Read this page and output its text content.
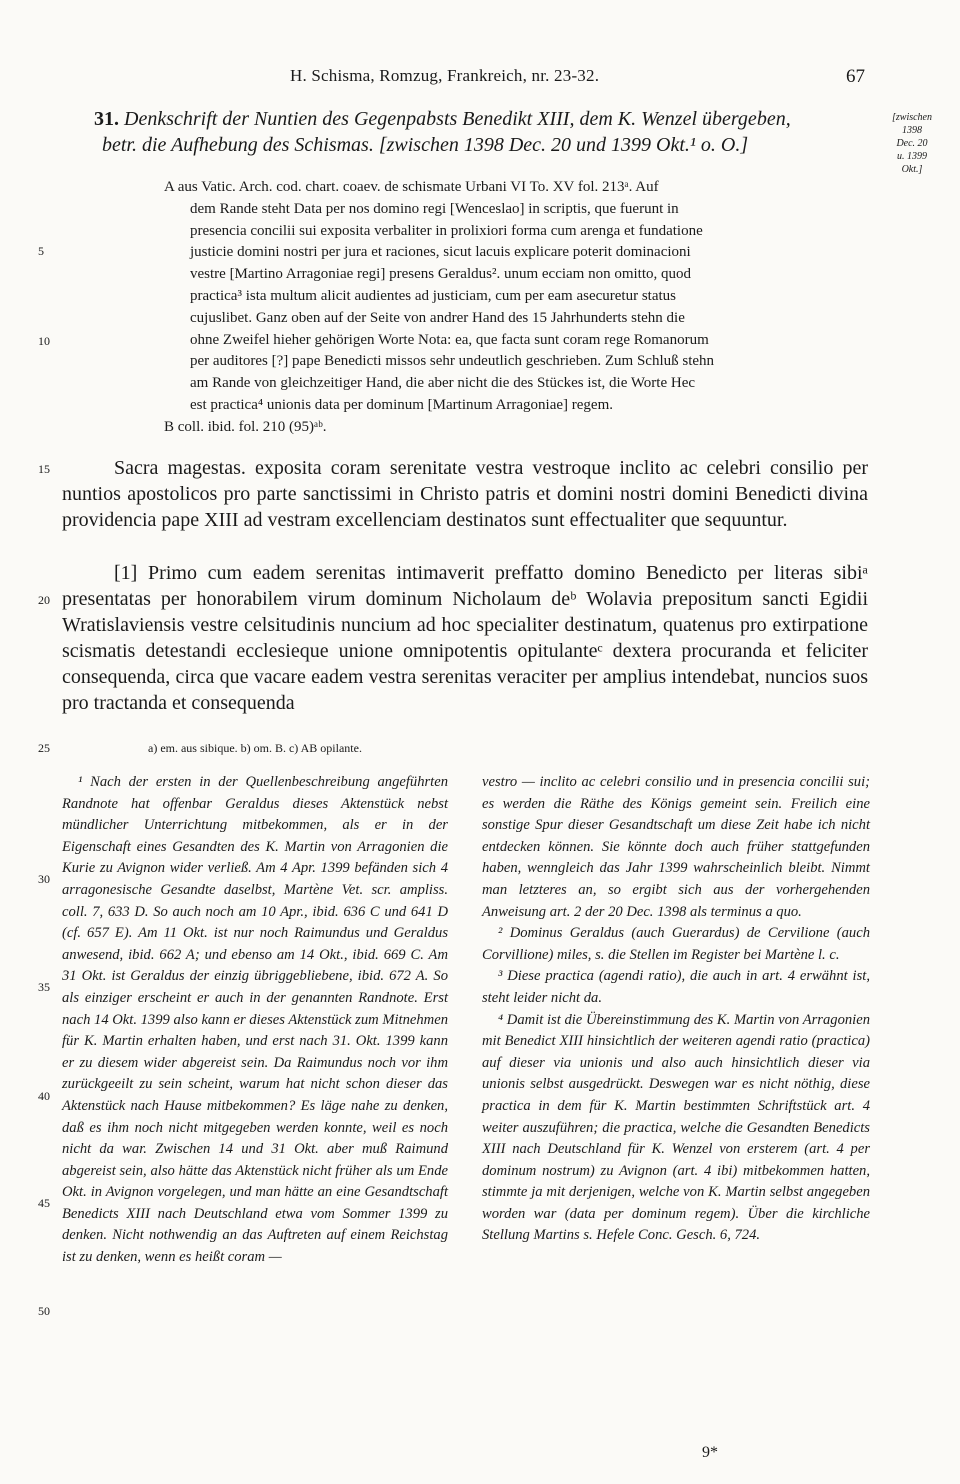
H. Schisma, Romzug, Frankreich, nr. 23-32.	67
31. Denkschrift der Nuntien des Gegenpabsts Benedikt XIII, dem K. Wenzel übergeben,
betr. die Aufhebung des Schismas. [zwischen 1398 Dec. 20 und 1399 Okt.¹ o. O.]
[zwischen
1398
Dec. 20
u. 1399
Okt.]
A aus Vatic. Arch. cod. chart. coaev. de schismate Urbani VI To. XV fol. 213ᵃ. Auf
dem Rande steht Data per nos domino regi [Wenceslao] in scriptis, que fuerunt in
presencia concilii sui exposita verbaliter in prolixiori forma cum arenga et fundatione
justicie domini nostri per jura et raciones, sicut lacuis explicare poterit dominacioni
vestre [Martino Arragoniae regi] presens Geraldus². unum ecciam non omitto, quod
practica³ ista multum alicit audientes ad justiciam, cum per eam asecuretur status
cujuslibet. Ganz oben auf der Seite von andrer Hand des 15 Jahrhunderts stehn die
ohne Zweifel hieher gehörigen Worte Nota: ea, que facta sunt coram rege Romanorum
per auditores [?] pape Benedicti missos sehr undeutlich geschrieben. Zum Schluß stehn
am Rande von gleichzeitiger Hand, die aber nicht die des Stückes ist, die Worte Hec
est practica⁴ unionis data per dominum [Martinum Arragoniae] regem.
B coll. ibid. fol. 210 (95)ᵃᵇ.
5
10
15
20
25
30
35
40
45
50
Sacra magestas. exposita coram serenitate vestra vestroque inclito ac celebri consilio per nuntios apostolicos pro parte sanctissimi in Christo patris et domini nostri domini Benedicti divina providencia pape XIII ad vestram excellenciam destinatos sunt effectualiter que sequuntur.
[1] Primo cum eadem serenitas intimaverit preffatto domino Benedicto per literas sibiᵃ presentatas per honorabilem virum dominum Nicholaum deᵇ Wolavia prepositum sancti Egidii Wratislaviensis vestre celsitudinis nuncium ad hoc specialiter destinatum, quatenus pro extirpatione scismatis detestandi ecclesieque unione omnipotentis opitulanteᶜ dextera procuranda et feliciter consequenda, circa que vacare eadem vestra serenitas veraciter per amplius intendebat, nuncios suos pro tractanda et consequenda
a) em. aus sibique. b) om. B. c) AB opilante.
¹ Nach der ersten in der Quellenbeschreibung angeführten Randnote hat offenbar Geraldus dieses Aktenstück nebst mündlicher Unterrichtung mitbekommen, als er in der Eigenschaft eines Gesandten des K. Martin von Arragonien die Kurie zu Avignon wider verließ. Am 4 Apr. 1399 befänden sich 4 arragonesische Gesandte daselbst, Martène Vet. scr. ampliss. coll. 7, 633 D. So auch noch am 10 Apr., ibid. 636 C und 641 D (cf. 657 E). Am 11 Okt. ist nur noch Raimundus und Geraldus anwesend, ibid. 662 A; und ebenso am 14 Okt., ibid. 669 C. Am 31 Okt. ist Geraldus der einzig übriggebliebene, ibid. 672 A. So als einziger erscheint er auch in der genannten Randnote. Erst nach 14 Okt. 1399 also kann er dieses Aktenstück zum Mitnehmen für K. Martin erhalten haben, und erst nach 31. Okt. 1399 kann er zu diesem wider abgereist sein. Da Raimundus noch vor ihm zurückgeeilt zu sein scheint, warum hat nicht schon dieser das Aktenstück nach Hause mitbekommen? Es läge nahe zu denken, daß es ihm noch nicht mitgegeben werden konnte, weil es noch nicht da war. Zwischen 14 und 31 Okt. aber muß Raimund abgereist sein, also hätte das Aktenstück nicht früher als um Ende Okt. in Avignon vorgelegen, und man hätte an eine Gesandtschaft Benedicts XIII nach Deutschland etwa vom Sommer 1399 zu denken. Nicht nothwendig an das Auftreten auf einem Reichstag ist zu denken, wenn es heißt coram —
vestro — inclito ac celebri consilio und in presencia concilii sui; es werden die Räthe des Königs gemeint sein. Freilich eine sonstige Spur dieser Gesandtschaft um diese Zeit habe ich nicht entdecken können. Sie könnte doch auch früher stattgefunden haben, wenngleich das Jahr 1399 wahrscheinlich bleibt. Nimmt man letzteres an, so ergibt sich aus der vorhergehenden Anweisung art. 2 der 20 Dec. 1398 als terminus a quo.
² Dominus Geraldus (auch Guerardus) de Cervilione (auch Corvillione) miles, s. die Stellen im Register bei Martène l. c.
³ Diese practica (agendi ratio), die auch in art. 4 erwähnt ist, steht leider nicht da.
⁴ Damit ist die Übereinstimmung des K. Martin von Arragonien mit Benedict XIII hinsichtlich der weiteren agendi ratio (practica) auf dieser via unionis und also auch hinsichtlich dieser via unionis selbst ausgedrückt. Deswegen war es nicht nöthig, diese practica in dem für K. Martin bestimmten Schriftstück art. 4 weiter auszuführen; die practica, welche die Gesandten Benedicts XIII nach Deutschland für K. Wenzel von ersterem (art. 4 per dominum nostrum) zu Avignon (art. 4 ibi) mitbekommen hatten, stimmte ja mit derjenigen, welche von K. Martin selbst angegeben worden war (data per dominum regem). Über die kirchliche Stellung Martins s. Hefele Conc. Gesch. 6, 724.
9*
